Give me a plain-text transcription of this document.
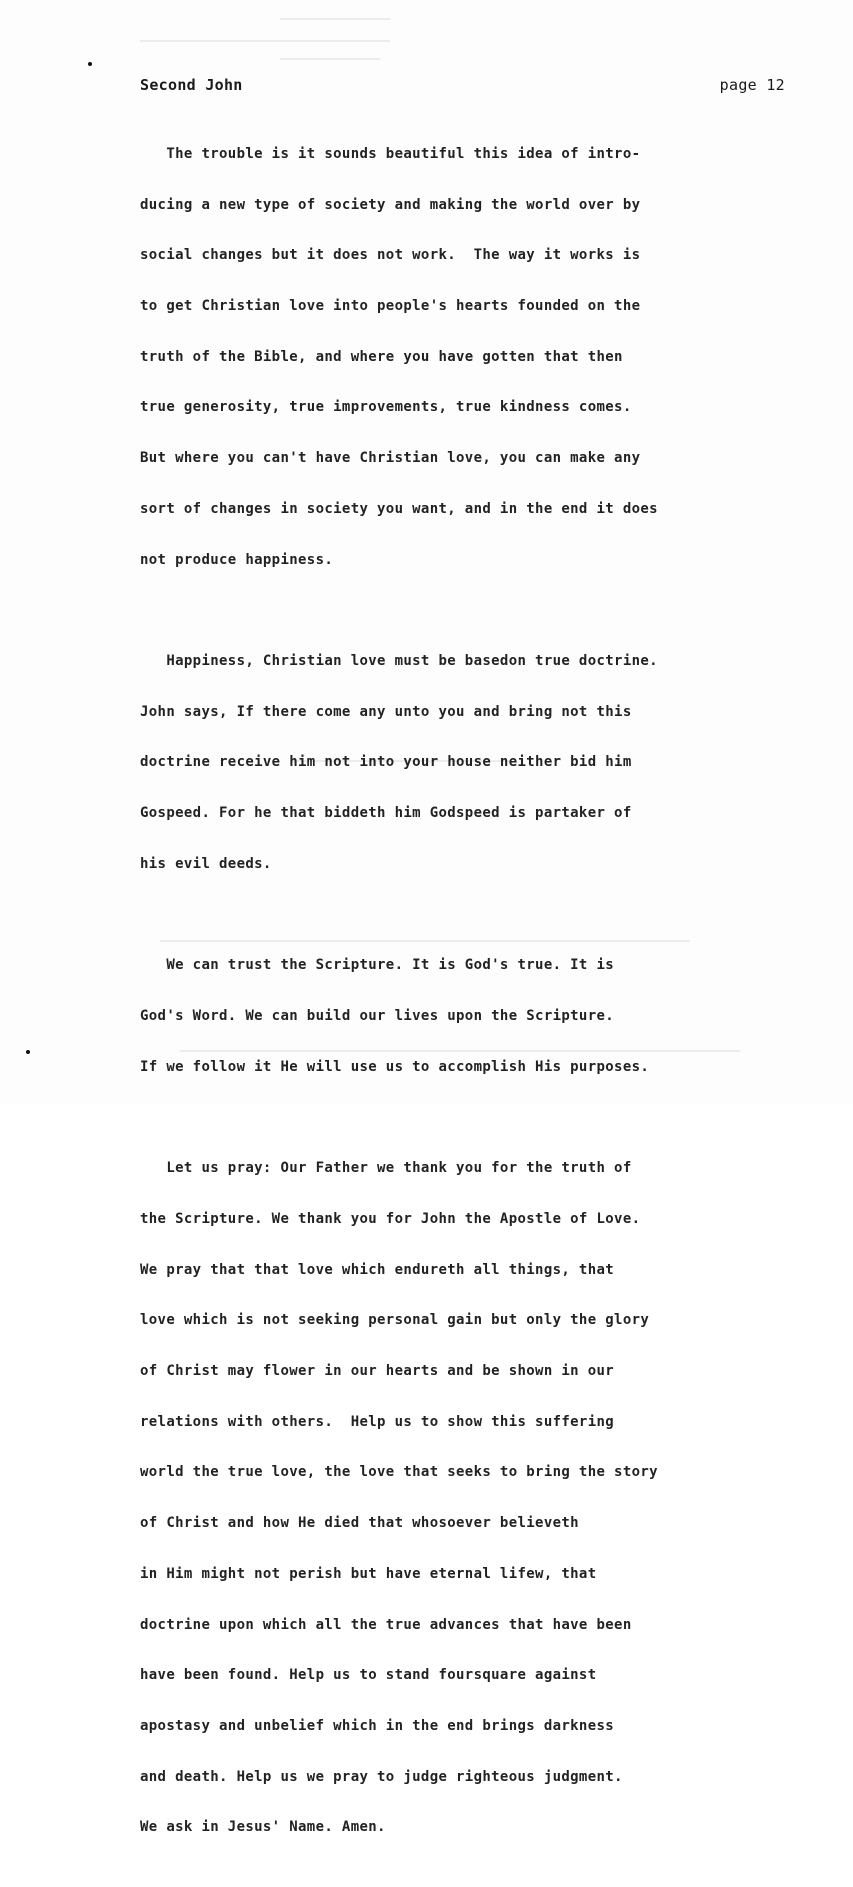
Second John	page 12

The trouble is it sounds beautiful this idea of intro-

ducing a new type of society and making the world over by

social changes but it does not work.  The way it works is

to get Christian love into people's hearts founded on the

truth of the Bible, and where you have gotten that then

true generosity, true improvements, true kindness comes.

But where you can't have Christian love, you can make any

sort of changes in society you want, and in the end it does

not produce happiness.

Happiness, Christian love must be basedon true doctrine.

John says, If there come any unto you and bring not this

doctrine receive him not into your house neither bid him

Gospeed. For he that biddeth him Godspeed is partaker of

his evil deeds.

We can trust the Scripture. It is God's true. It is

God's Word. We can build our lives upon the Scripture.

If we follow it He will use us to accomplish His purposes.

Let us pray: Our Father we thank you for the truth of

the Scripture. We thank you for John the Apostle of Love.

We pray that that love which endureth all things, that

love which is not seeking personal gain but only the glory

of Christ may flower in our hearts and be shown in our

relations with others.  Help us to show this suffering

world the true love, the love that seeks to bring the story

of Christ and how He died that whosoever believeth

in Him might not perish but have eternal lifew, that

doctrine upon which all the true advances that have been

have been found. Help us to stand foursquare against

apostasy and unbelief which in the end brings darkness

and death. Help us we pray to judge righteous judgment.

We ask in Jesus' Name. Amen.
